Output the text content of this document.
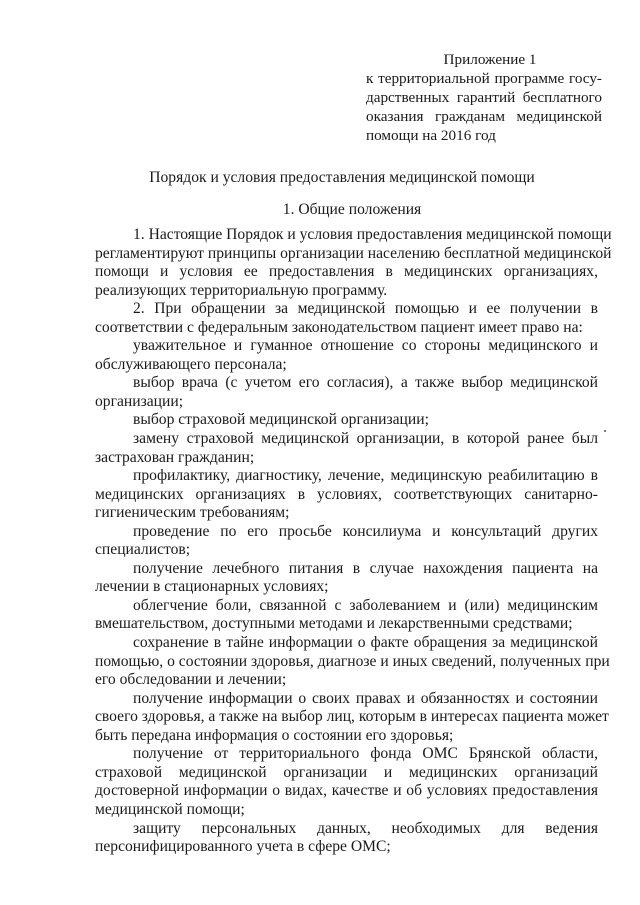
Приложение 1
к территориальной программе госу-
дарственных гарантий бесплатного
оказания гражданам медицинской
помощи на 2016 год
Порядок и условия предоставления медицинской помощи
1. Общие положения
1. Настоящие Порядок и условия предоставления медицинской помощи
регламентируют принципы организации населению бесплатной медицинской
помощи и условия ее предоставления в медицинских организациях,
реализующих территориальную программу.
2. При обращении за медицинской помощью и ее получении в
соответствии с федеральным законодательством пациент имеет право на:
уважительное и гуманное отношение со стороны медицинского и
обслуживающего персонала;
выбор врача (с учетом его согласия), а также выбор медицинской
организации;
выбор страховой медицинской организации;
замену страховой медицинской организации, в которой ранее был
застрахован гражданин;
профилактику, диагностику, лечение, медицинскую реабилитацию в
медицинских организациях в условиях, соответствующих санитарно-
гигиеническим требованиям;
проведение по его просьбе консилиума и консультаций других
специалистов;
получение лечебного питания в случае нахождения пациента на
лечении в стационарных условиях;
облегчение боли, связанной с заболеванием и (или) медицинским
вмешательством, доступными методами и лекарственными средствами;
сохранение в тайне информации о факте обращения за медицинской
помощью, о состоянии здоровья, диагнозе и иных сведений, полученных при
его обследовании и лечении;
получение информации о своих правах и обязанностях и состоянии
своего здоровья, а также на выбор лиц, которым в интересах пациента может
быть передана информация о состоянии его здоровья;
получение от территориального фонда ОМС Брянской области,
страховой медицинской организации и медицинских организаций
достоверной информации о видах, качестве и об условиях предоставления
медицинской помощи;
защиту персональных данных, необходимых для ведения
персонифицированного учета в сфере ОМС;
